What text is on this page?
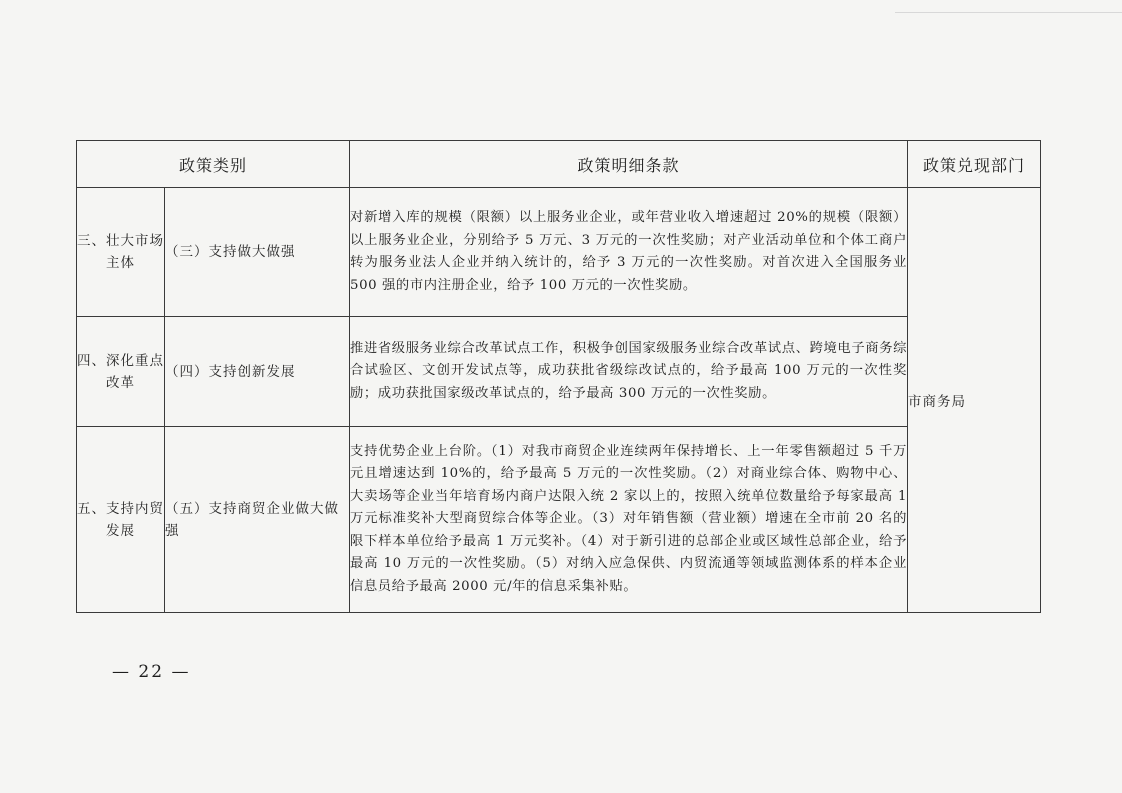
政策类别		政策明细条款	政策兑现部门
三、壮大市场主体	（三）支持做大做强	对新增入库的规模（限额）以上服务业企业，或年营业收入增速超过 20%的规模（限额）以上服务业企业，分别给予 5 万元、3 万元的一次性奖励；对产业活动单位和个体工商户转为服务业法人企业并纳入统计的，给予 3 万元的一次性奖励。对首次进入全国服务业 500 强的市内注册企业，给予 100 万元的一次性奖励。	市商务局
四、深化重点改革	（四）支持创新发展	推进省级服务业综合改革试点工作，积极争创国家级服务业综合改革试点、跨境电子商务综合试验区、文创开发试点等，成功获批省级综改试点的，给予最高 100 万元的一次性奖励；成功获批国家级改革试点的，给予最高 300 万元的一次性奖励。	
五、支持内贸发展	（五）支持商贸企业做大做强	支持优势企业上台阶。（1）对我市商贸企业连续两年保持增长、上一年零售额超过 5 千万元且增速达到 10%的，给予最高 5 万元的一次性奖励。（2）对商业综合体、购物中心、大卖场等企业当年培育场内商户达限入统 2 家以上的，按照入统单位数量给予每家最高 1 万元标准奖补大型商贸综合体等企业。（3）对年销售额（营业额）增速在全市前 20 名的限下样本单位给予最高 1 万元奖补。（4）对于新引进的总部企业或区域性总部企业，给予最高 10 万元的一次性奖励。（5）对纳入应急保供、内贸流通等领域监测体系的样本企业信息员给予最高 2000 元/年的信息采集补贴。	
— 22 —
